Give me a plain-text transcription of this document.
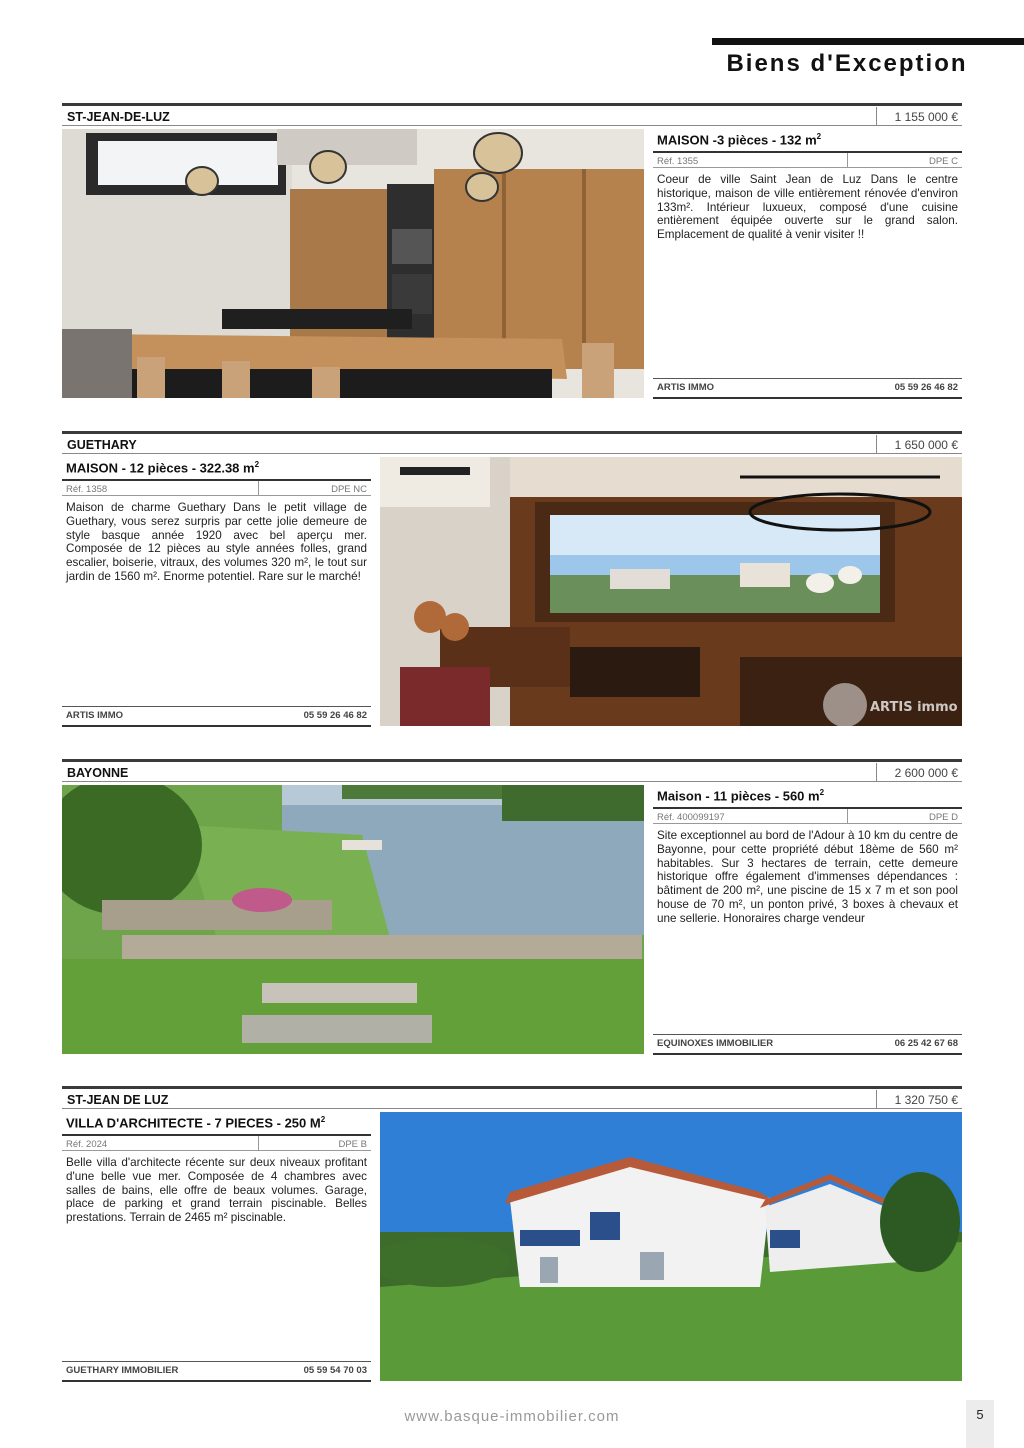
Biens d'Exception
ST-JEAN-DE-LUZ	1 155 000 €
MAISON -3 pièces - 132 $m^2$
Réf. 1355	DPE C

Coeur de ville Saint Jean de Luz Dans le centre historique, maison de ville entièrement rénovée d'environ 133m². Intérieur luxueux, composé d'une cuisine entièrement équipée ouverte sur le grand salon. Emplacement de qualité à venir visiter !!

ARTIS IMMO	05 59 26 46 82
GUETHARY	1 650 000 €
MAISON - 12 pièces - 322.38 $m^2$
Réf. 1358	DPE NC

Maison de charme Guethary Dans le petit village de Guethary, vous serez surpris par cette jolie demeure de style basque année 1920 avec bel aperçu mer. Composée de 12 pièces au style années folles, grand escalier, boiserie, vitraux, des volumes 320 m², le tout sur jardin de 1560 m². Enorme potentiel. Rare sur le marché!

ARTIS IMMO	05 59 26 46 82
ARTIS immo
BAYONNE	2 600 000 €
Maison - 11 pièces - 560 $m^2$
Réf. 400099197	DPE D

Site exceptionnel au bord de l'Adour à 10 km du centre de Bayonne, pour cette propriété début 18ème de 560 m² habitables. Sur 3 hectares de terrain, cette demeure historique offre également d'immenses dépendances : bâtiment de 200 m², une piscine de 15 x 7 m et son pool house de 70 m², un ponton privé, 3 boxes à chevaux et une sellerie. Honoraires charge vendeur

EQUINOXES IMMOBILIER	06 25 42 67 68
ST-JEAN DE LUZ	1 320 750 €
VILLA D'ARCHITECTE - 7 PIECES - 250 $M^2$
Réf. 2024	DPE B

Belle villa d'architecte récente sur deux niveaux profitant d'une belle vue mer. Composée de 4 chambres avec salles de bains, elle offre de beaux volumes. Garage, place de parking et grand terrain piscinable. Belles prestations. Terrain de 2465 m² piscinable.

GUETHARY IMMOBILIER	05 59 54 70 03
www.basque-immobilier.com	5
